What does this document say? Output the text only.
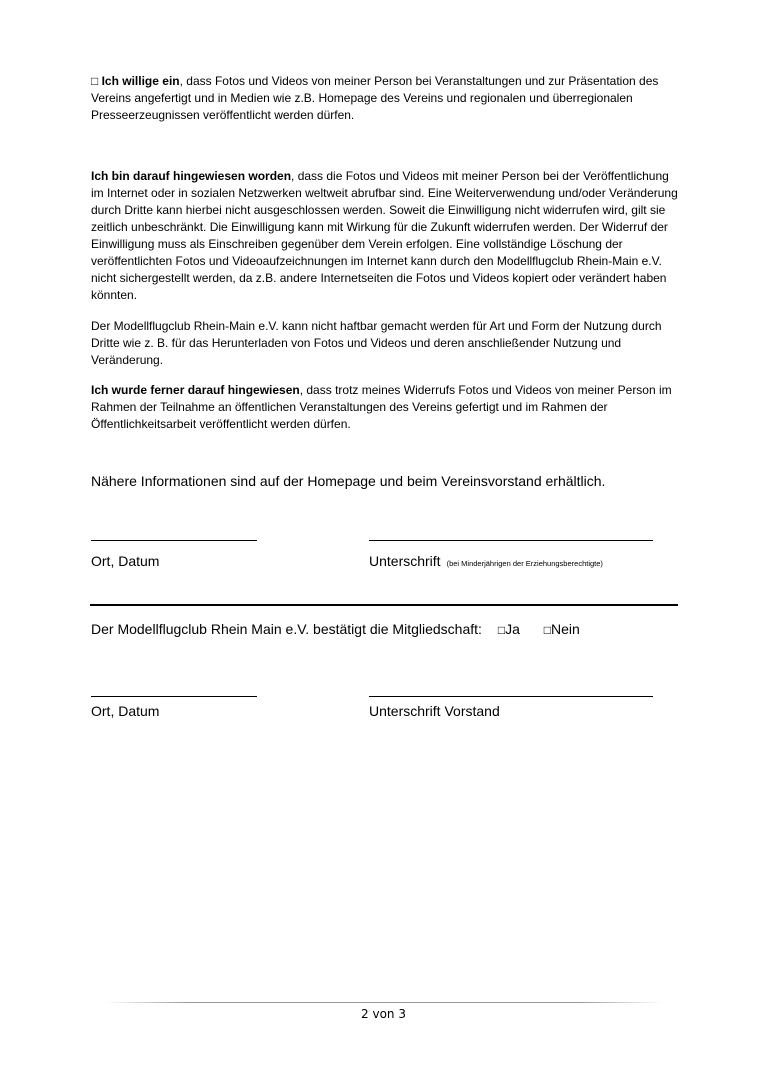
□ Ich willige ein, dass Fotos und Videos von meiner Person bei Veranstaltungen und zur Präsentation des Vereins angefertigt und in Medien wie z.B. Homepage des Vereins und regionalen und überregionalen Presseerzeugnissen veröffentlicht werden dürfen.
Ich bin darauf hingewiesen worden, dass die Fotos und Videos mit meiner Person bei der Veröffentlichung im Internet oder in sozialen Netzwerken weltweit abrufbar sind. Eine Weiterverwendung und/oder Veränderung durch Dritte kann hierbei nicht ausgeschlossen werden. Soweit die Einwilligung nicht widerrufen wird, gilt sie zeitlich unbeschränkt. Die Einwilligung kann mit Wirkung für die Zukunft widerrufen werden. Der Widerruf der Einwilligung muss als Einschreiben gegenüber dem Verein erfolgen. Eine vollständige Löschung der veröffentlichten Fotos und Videoaufzeichnungen im Internet kann durch den Modellflugclub Rhein-Main e.V. nicht sichergestellt werden, da z.B. andere Internetseiten die Fotos und Videos kopiert oder verändert haben könnten.
Der Modellflugclub Rhein-Main e.V. kann nicht haftbar gemacht werden für Art und Form der Nutzung durch Dritte wie z. B. für das Herunterladen von Fotos und Videos und deren anschließender Nutzung und Veränderung.
Ich wurde ferner darauf hingewiesen, dass trotz meines Widerrufs Fotos und Videos von meiner Person im Rahmen der Teilnahme an öffentlichen Veranstaltungen des Vereins gefertigt und im Rahmen der Öffentlichkeitsarbeit veröffentlicht werden dürfen.
Nähere Informationen sind auf der Homepage und beim Vereinsvorstand erhältlich.
Ort, Datum	Unterschrift (bei Minderjährigen der Erziehungsberechtigte)
Der Modellflugclub Rhein Main e.V. bestätigt die Mitgliedschaft: □Ja □Nein
Ort, Datum	Unterschrift Vorstand
2 von 3
